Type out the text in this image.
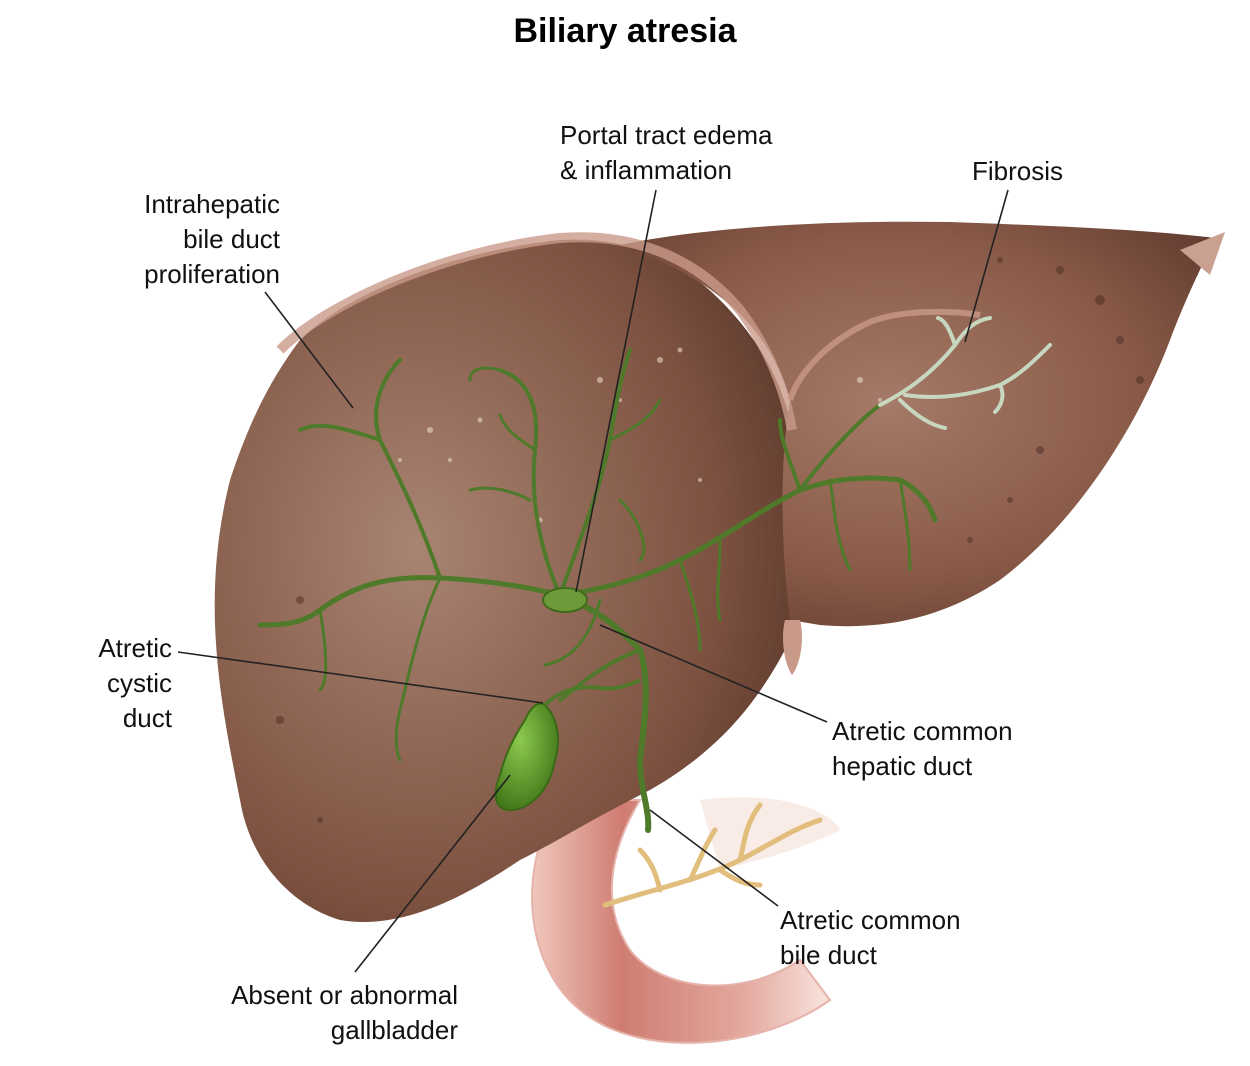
Biliary atresia
Portal tract edema
& inflammation	Fibrosis
Intrahepatic
bile duct
proliferation
Atretic
cystic
duct	Atretic common
hepatic duct
Atretic common
bile duct
Absent or abnormal
gallbladder
